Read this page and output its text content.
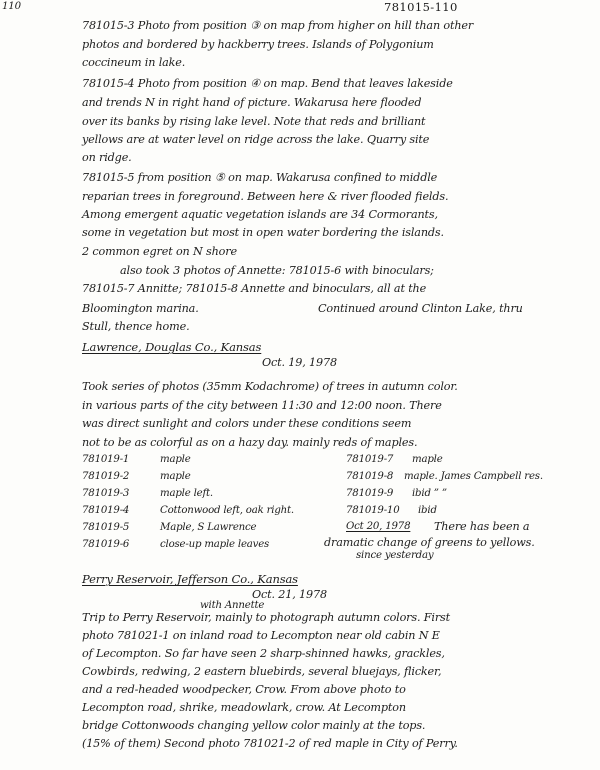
110	781015-110
781015-3 Photo from position ③ on map from higher on hill than other
photos and bordered by hackberry trees. Islands of Polygonium
coccineum in lake.
781015-4 Photo from position ④ on map. Bend that leaves lakeside
and trends N in right hand of picture. Wakarusa here flooded
over its banks by rising lake level. Note that reds and brilliant
yellows are at water level on ridge across the lake. Quarry site
on ridge.
781015-5 from position ⑤ on map. Wakarusa confined to middle
reparian trees in foreground. Between here & river flooded fields.
Among emergent aquatic vegetation islands are 34 Cormorants,
some in vegetation but most in open water bordering the islands.
2 common egret on N shore
also took 3 photos of Annette: 781015-6 with binoculars;
781015-7 Annitte; 781015-8 Annette and binoculars, all at the
Bloomington marina.	Continued around Clinton Lake, thru
Stull, thence home.
Lawrence, Douglas Co., Kansas
Oct. 19, 1978
Took series of photos (35mm Kodachrome) of trees in autumn color.
in various parts of the city between 11:30 and 12:00 noon. There
was direct sunlight and colors under these conditions seem
not to be as colorful as on a hazy day. mainly reds of maples.
781019-1	maple
781019-2	maple
781019-3	maple left.
781019-4	Cottonwood left, oak right.
781019-5	Maple, S Lawrence
781019-6	close-up maple leaves
781019-7 maple
781019-8 maple. James Campbell res.
781019-9 ibid ” ”
781019-10 ibid
Oct 20, 1978 There has been a
dramatic change of greens to yellows.
since yesterday
Perry Reservoir, Jefferson Co., Kansas
Oct. 21, 1978
with Annette
Trip to Perry Reservoir, mainly to photograph autumn colors. First
photo 781021-1 on inland road to Lecompton near old cabin N E
of Lecompton. So far have seen 2 sharp-shinned hawks, grackles,
Cowbirds, redwing, 2 eastern bluebirds, several bluejays, flicker,
and a red-headed woodpecker, Crow. From above photo to
Lecompton road, shrike, meadowlark, crow. At Lecompton
bridge Cottonwoods changing yellow color mainly at the tops.
(15% of them) Second photo 781021-2 of red maple in City of Perry.
